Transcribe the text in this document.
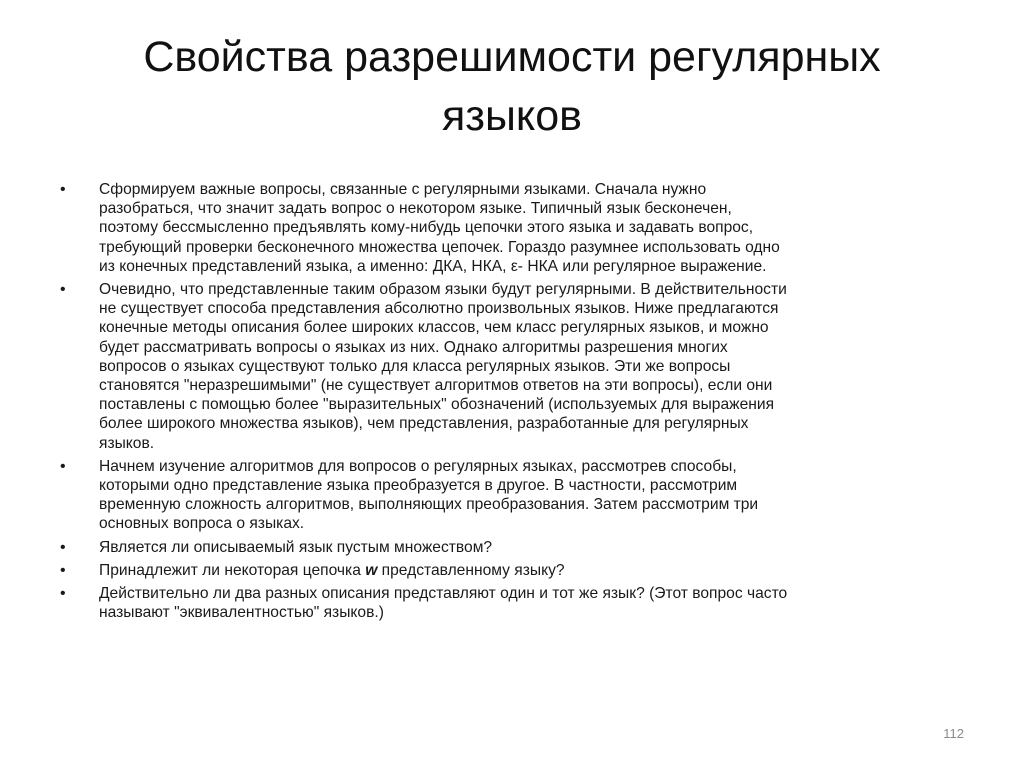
Свойства разрешимости регулярных
языков
•	Сформируем важные вопросы, связанные с регулярными языками. Сначала нужно
разобраться, что значит задать вопрос о некотором языке. Типичный язык бесконечен,
поэтому бессмысленно предъявлять кому-нибудь цепочки этого языка и задавать вопрос,
требующий проверки бесконечного множества цепочек. Гораздо разумнее использовать одно
из конечных представлений языка, а именно: ДКА, НКА, ε- НКА или регулярное выражение.
•	Очевидно, что представленные таким образом языки будут регулярными. В действительности
не существует способа представления абсолютно произвольных языков. Ниже предлагаются
конечные методы описания более широких классов, чем класс регулярных языков, и можно
будет рассматривать вопросы о языках из них. Однако алгоритмы разрешения многих
вопросов о языках существуют только для класса регулярных языков. Эти же вопросы
становятся "неразрешимыми" (не существует алгоритмов ответов на эти вопросы), если они
поставлены с помощью более "выразительных" обозначений (используемых для выражения
более широкого множества языков), чем представления, разработанные для регулярных
языков.
•	Начнем изучение алгоритмов для вопросов о регулярных языках, рассмотрев способы,
которыми одно представление языка преобразуется в другое. В частности, рассмотрим
временную сложность алгоритмов, выполняющих преобразования. Затем рассмотрим три
основных вопроса о языках.
•	Является ли описываемый язык пустым множеством?
•	Принадлежит ли некоторая цепочка w представленному языку?
•	Действительно ли два разных описания представляют один и тот же язык? (Этот вопрос часто
называют "эквивалентностью" языков.)
112
